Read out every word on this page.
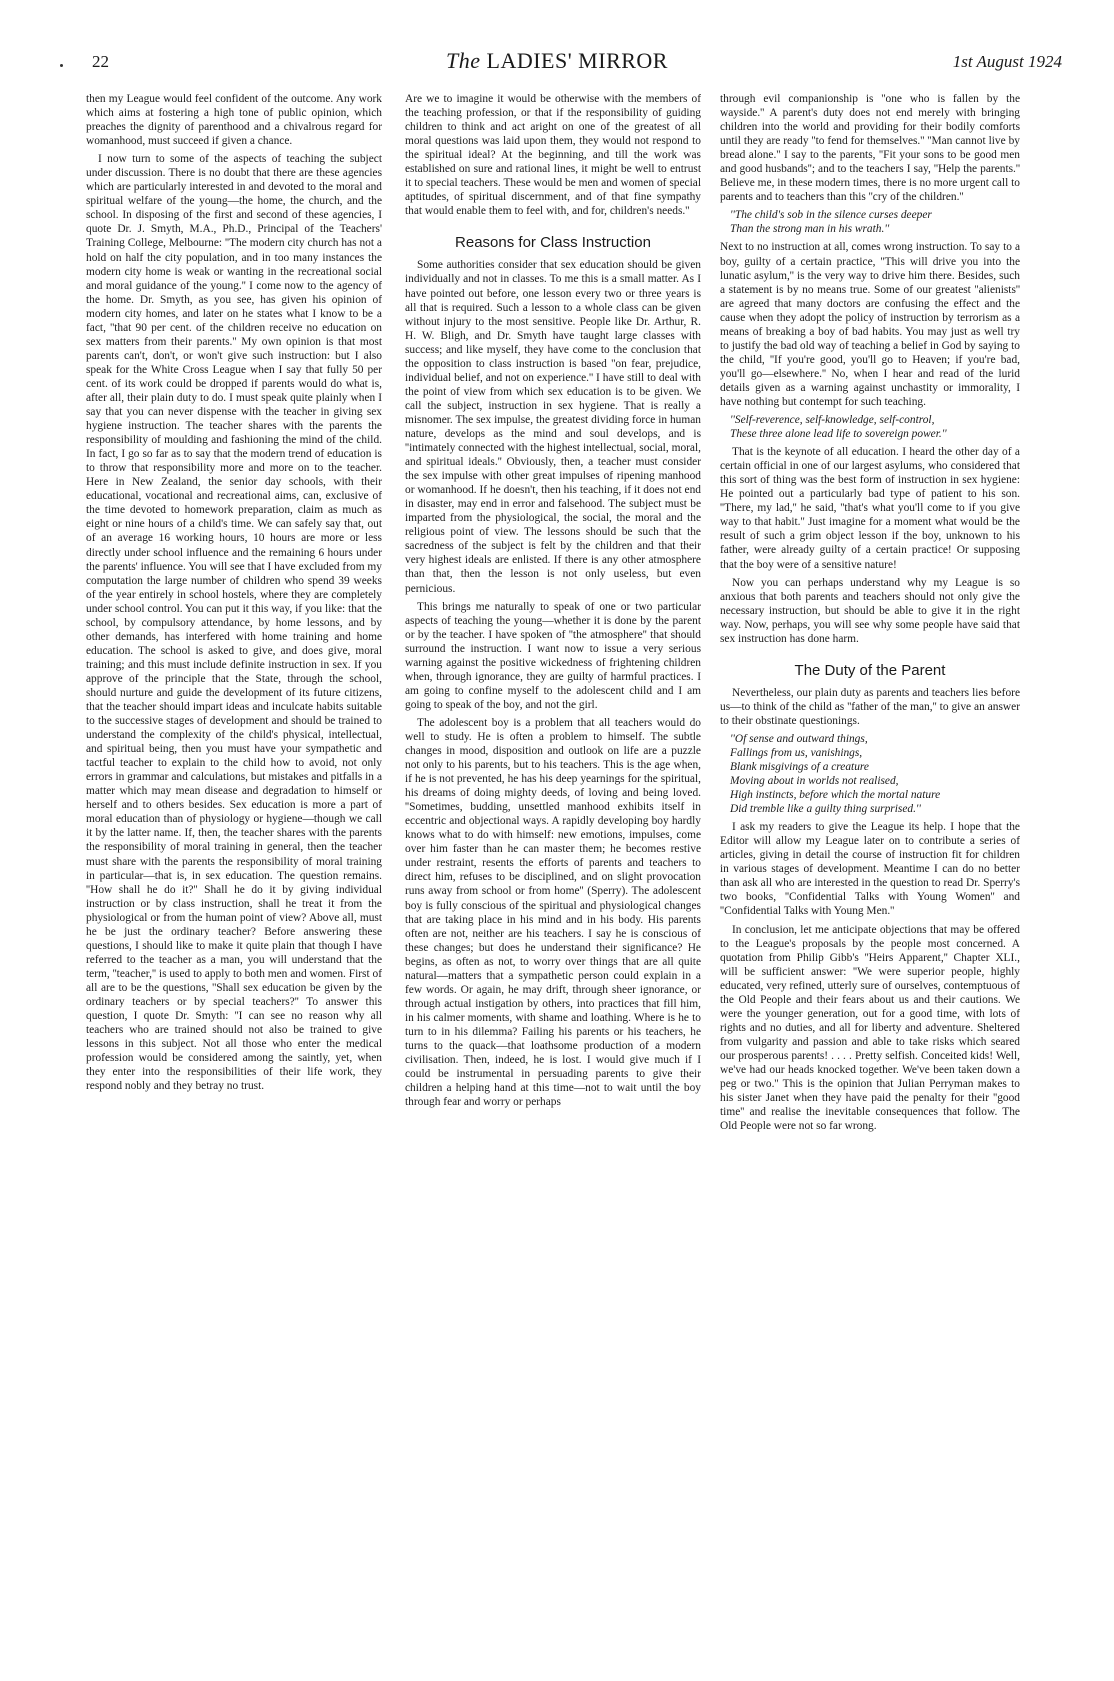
22	The LADIES' MIRROR	1st August 1924

then my League would feel confident of the outcome. Any work which aims at fostering a high tone of public opinion, which preaches the dignity of parenthood and a chivalrous regard for womanhood, must succeed if given a chance.

I now turn to some of the aspects of teaching the subject under discussion. There is no doubt that there are these agencies which are particularly interested in and devoted to the moral and spiritual welfare of the young—the home, the church, and the school. In disposing of the first and second of these agencies, I quote Dr. J. Smyth, M.A., Ph.D., Principal of the Teachers' Training College, Melbourne: ''The modern city church has not a hold on half the city population, and in too many instances the modern city home is weak or wanting in the recreational social and moral guidance of the young.'' I come now to the agency of the home. Dr. Smyth, as you see, has given his opinion of modern city homes, and later on he states what I know to be a fact, ''that 90 per cent. of the children receive no education on sex matters from their parents.'' My own opinion is that most parents can't, don't, or won't give such instruction: but I also speak for the White Cross League when I say that fully 50 per cent. of its work could be dropped if parents would do what is, after all, their plain duty to do. I must speak quite plainly when I say that you can never dispense with the teacher in giving sex hygiene instruction. The teacher shares with the parents the responsibility of moulding and fashioning the mind of the child. In fact, I go so far as to say that the modern trend of education is to throw that responsibility more and more on to the teacher. Here in New Zealand, the senior day schools, with their educational, vocational and recreational aims, can, exclusive of the time devoted to homework preparation, claim as much as eight or nine hours of a child's time. We can safely say that, out of an average 16 working hours, 10 hours are more or less directly under school influence and the remaining 6 hours under the parents' influence. You will see that I have excluded from my computation the large number of children who spend 39 weeks of the year entirely in school hostels, where they are completely under school control. You can put it this way, if you like: that the school, by compulsory attendance, by home lessons, and by other demands, has interfered with home training and home education. The school is asked to give, and does give, moral training; and this must include definite instruction in sex. If you approve of the principle that the State, through the school, should nurture and guide the development of its future citizens, that the teacher should impart ideas and inculcate habits suitable to the successive stages of development and should be trained to understand the complexity of the child's physical, intellectual, and spiritual being, then you must have your sympathetic and tactful teacher to explain to the child how to avoid, not only errors in grammar and calculations, but mistakes and pitfalls in a matter which may mean disease and degradation to himself or herself and to others besides. Sex education is more a part of moral education than of physiology or hygiene—though we call it by the latter name. If, then, the teacher shares with the parents the responsibility of moral training in general, then the teacher must share with the parents the responsibility of moral training in particular—that is, in sex education. The question remains. ''How shall he do it?'' Shall he do it by giving individual instruction or by class instruction, shall he treat it from the physiological or from the human point of view? Above all, must he be just the ordinary teacher? Before answering these questions, I should like to make it quite plain that though I have referred to the teacher as a man, you will understand that the term, ''teacher,'' is used to apply to both men and women. First of all are to be the questions, ''Shall sex education be given by the ordinary teachers or by special teachers?'' To answer this question, I quote Dr. Smyth: ''I can see no reason why all teachers who are trained should not also be trained to give lessons in this subject. Not all those who enter the medical profession would be considered among the saintly, yet, when they enter into the responsibilities of their life work, they respond nobly and they betray no trust.

Are we to imagine it would be otherwise with the members of the teaching profession, or that if the responsibility of guiding children to think and act aright on one of the greatest of all moral questions was laid upon them, they would not respond to the spiritual ideal? At the beginning, and till the work was established on sure and rational lines, it might be well to entrust it to special teachers. These would be men and women of special aptitudes, of spiritual discernment, and of that fine sympathy that would enable them to feel with, and for, children's needs.''

Reasons for Class Instruction

Some authorities consider that sex education should be given individually and not in classes. To me this is a small matter. As I have pointed out before, one lesson every two or three years is all that is required. Such a lesson to a whole class can be given without injury to the most sensitive. People like Dr. Arthur, R. H. W. Bligh, and Dr. Smyth have taught large classes with success; and like myself, they have come to the conclusion that the opposition to class instruction is based ''on fear, prejudice, individual belief, and not on experience.'' I have still to deal with the point of view from which sex education is to be given. We call the subject, instruction in sex hygiene. That is really a misnomer. The sex impulse, the greatest dividing force in human nature, develops as the mind and soul develops, and is ''intimately connected with the highest intellectual, social, moral, and spiritual ideals.'' Obviously, then, a teacher must consider the sex impulse with other great impulses of ripening manhood or womanhood. If he doesn't, then his teaching, if it does not end in disaster, may end in error and falsehood. The subject must be imparted from the physiological, the social, the moral and the religious point of view. The lessons should be such that the sacredness of the subject is felt by the children and that their very highest ideals are enlisted. If there is any other atmosphere than that, then the lesson is not only useless, but even pernicious.

This brings me naturally to speak of one or two particular aspects of teaching the young—whether it is done by the parent or by the teacher. I have spoken of ''the atmosphere'' that should surround the instruction. I want now to issue a very serious warning against the positive wickedness of frightening children when, through ignorance, they are guilty of harmful practices. I am going to confine myself to the adolescent child and I am going to speak of the boy, and not the girl.

The adolescent boy is a problem that all teachers would do well to study. He is often a problem to himself. The subtle changes in mood, disposition and outlook on life are a puzzle not only to his parents, but to his teachers. This is the age when, if he is not prevented, he has his deep yearnings for the spiritual, his dreams of doing mighty deeds, of loving and being loved. ''Sometimes, budding, unsettled manhood exhibits itself in eccentric and objectional ways. A rapidly developing boy hardly knows what to do with himself: new emotions, impulses, come over him faster than he can master them; he becomes restive under restraint, resents the efforts of parents and teachers to direct him, refuses to be disciplined, and on slight provocation runs away from school or from home'' (Sperry). The adolescent boy is fully conscious of the spiritual and physiological changes that are taking place in his mind and in his body. His parents often are not, neither are his teachers. I say he is conscious of these changes; but does he understand their significance? He begins, as often as not, to worry over things that are all quite natural—matters that a sympathetic person could explain in a few words. Or again, he may drift, through sheer ignorance, or through actual instigation by others, into practices that fill him, in his calmer moments, with shame and loathing. Where is he to turn to in his dilemma? Failing his parents or his teachers, he turns to the quack—that loathsome production of a modern civilisation. Then, indeed, he is lost. I would give much if I could be instrumental in persuading parents to give their children a helping hand at this time—not to wait until the boy through fear and worry or perhaps

through evil companionship is ''one who is fallen by the wayside.'' A parent's duty does not end merely with bringing children into the world and providing for their bodily comforts until they are ready ''to fend for themselves.'' ''Man cannot live by bread alone.'' I say to the parents, ''Fit your sons to be good men and good husbands''; and to the teachers I say, ''Help the parents.'' Believe me, in these modern times, there is no more urgent call to parents and to teachers than this ''cry of the children.''

''The child's sob in the silence curses deeper
Than the strong man in his wrath.''

Next to no instruction at all, comes wrong instruction. To say to a boy, guilty of a certain practice, ''This will drive you into the lunatic asylum,'' is the very way to drive him there. Besides, such a statement is by no means true. Some of our greatest ''alienists'' are agreed that many doctors are confusing the effect and the cause when they adopt the policy of instruction by terrorism as a means of breaking a boy of bad habits. You may just as well try to justify the bad old way of teaching a belief in God by saying to the child, ''If you're good, you'll go to Heaven; if you're bad, you'll go—elsewhere.'' No, when I hear and read of the lurid details given as a warning against unchastity or immorality, I have nothing but contempt for such teaching.

''Self-reverence, self-knowledge, self-control,
These three alone lead life to sovereign power.''

That is the keynote of all education. I heard the other day of a certain official in one of our largest asylums, who considered that this sort of thing was the best form of instruction in sex hygiene: He pointed out a particularly bad type of patient to his son. ''There, my lad,'' he said, ''that's what you'll come to if you give way to that habit.'' Just imagine for a moment what would be the result of such a grim object lesson if the boy, unknown to his father, were already guilty of a certain practice! Or supposing that the boy were of a sensitive nature!

Now you can perhaps understand why my League is so anxious that both parents and teachers should not only give the necessary instruction, but should be able to give it in the right way. Now, perhaps, you will see why some people have said that sex instruction has done harm.

The Duty of the Parent

Nevertheless, our plain duty as parents and teachers lies before us—to think of the child as ''father of the man,'' to give an answer to their obstinate questionings.

''Of sense and outward things,
Fallings from us, vanishings,
Blank misgivings of a creature
Moving about in worlds not realised,
High instincts, before which the mortal nature
Did tremble like a guilty thing surprised.''

I ask my readers to give the League its help. I hope that the Editor will allow my League later on to contribute a series of articles, giving in detail the course of instruction fit for children in various stages of development. Meantime I can do no better than ask all who are interested in the question to read Dr. Sperry's two books, ''Confidential Talks with Young Women'' and ''Confidential Talks with Young Men.''

In conclusion, let me anticipate objections that may be offered to the League's proposals by the people most concerned. A quotation from Philip Gibb's ''Heirs Apparent,'' Chapter XLI., will be sufficient answer: ''We were superior people, highly educated, very refined, utterly sure of ourselves, contemptuous of the Old People and their fears about us and their cautions. We were the younger generation, out for a good time, with lots of rights and no duties, and all for liberty and adventure. Sheltered from vulgarity and passion and able to take risks which seared our prosperous parents! . . . . Pretty selfish. Conceited kids! Well, we've had our heads knocked together. We've been taken down a peg or two.'' This is the opinion that Julian Perryman makes to his sister Janet when they have paid the penalty for their ''good time'' and realise the inevitable consequences that follow. The Old People were not so far wrong.
